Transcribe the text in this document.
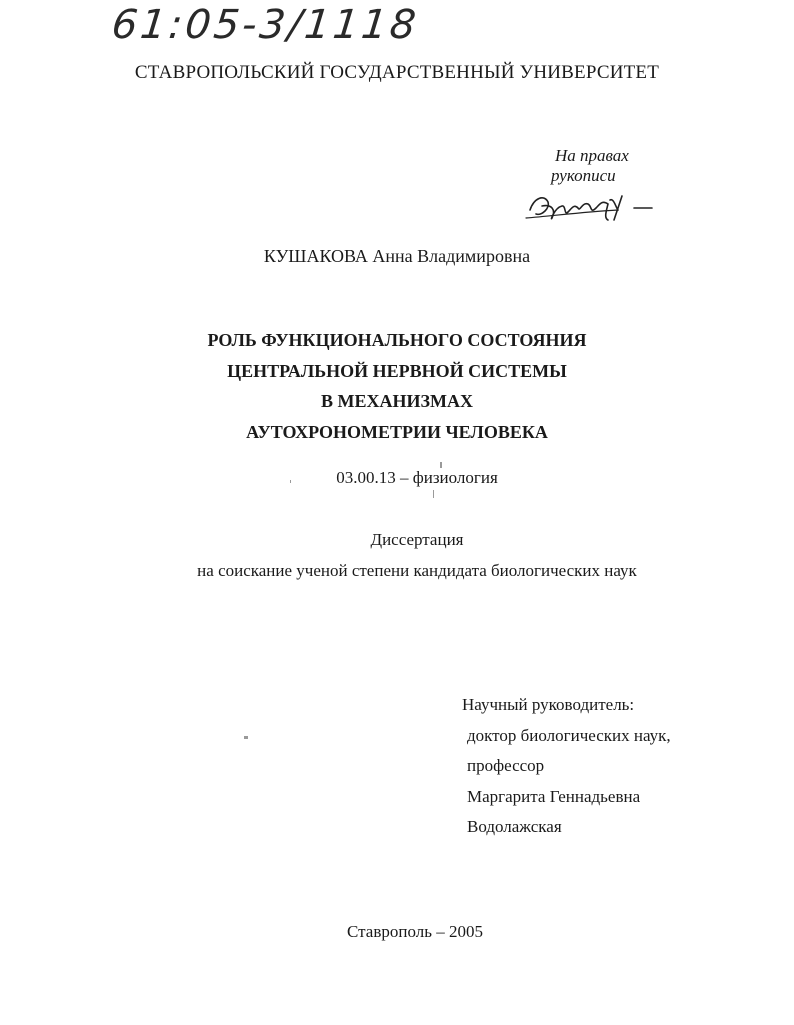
61:05-3/1118
СТАВРОПОЛЬСКИЙ ГОСУДАРСТВЕННЫЙ УНИВЕРСИТЕТ
На правах
рукописи
КУШАКОВА Анна Владимировна
РОЛЬ ФУНКЦИОНАЛЬНОГО СОСТОЯНИЯ
ЦЕНТРАЛЬНОЙ НЕРВНОЙ СИСТЕМЫ
В МЕХАНИЗМАХ
АУТОХРОНОМЕТРИИ ЧЕЛОВЕКА
03.00.13 – физиология
Диссертация
на соискание ученой степени кандидата биологических наук
Научный руководитель:
доктор биологических наук,
профессор
Маргарита Геннадьевна
Водолажская
Ставрополь – 2005
